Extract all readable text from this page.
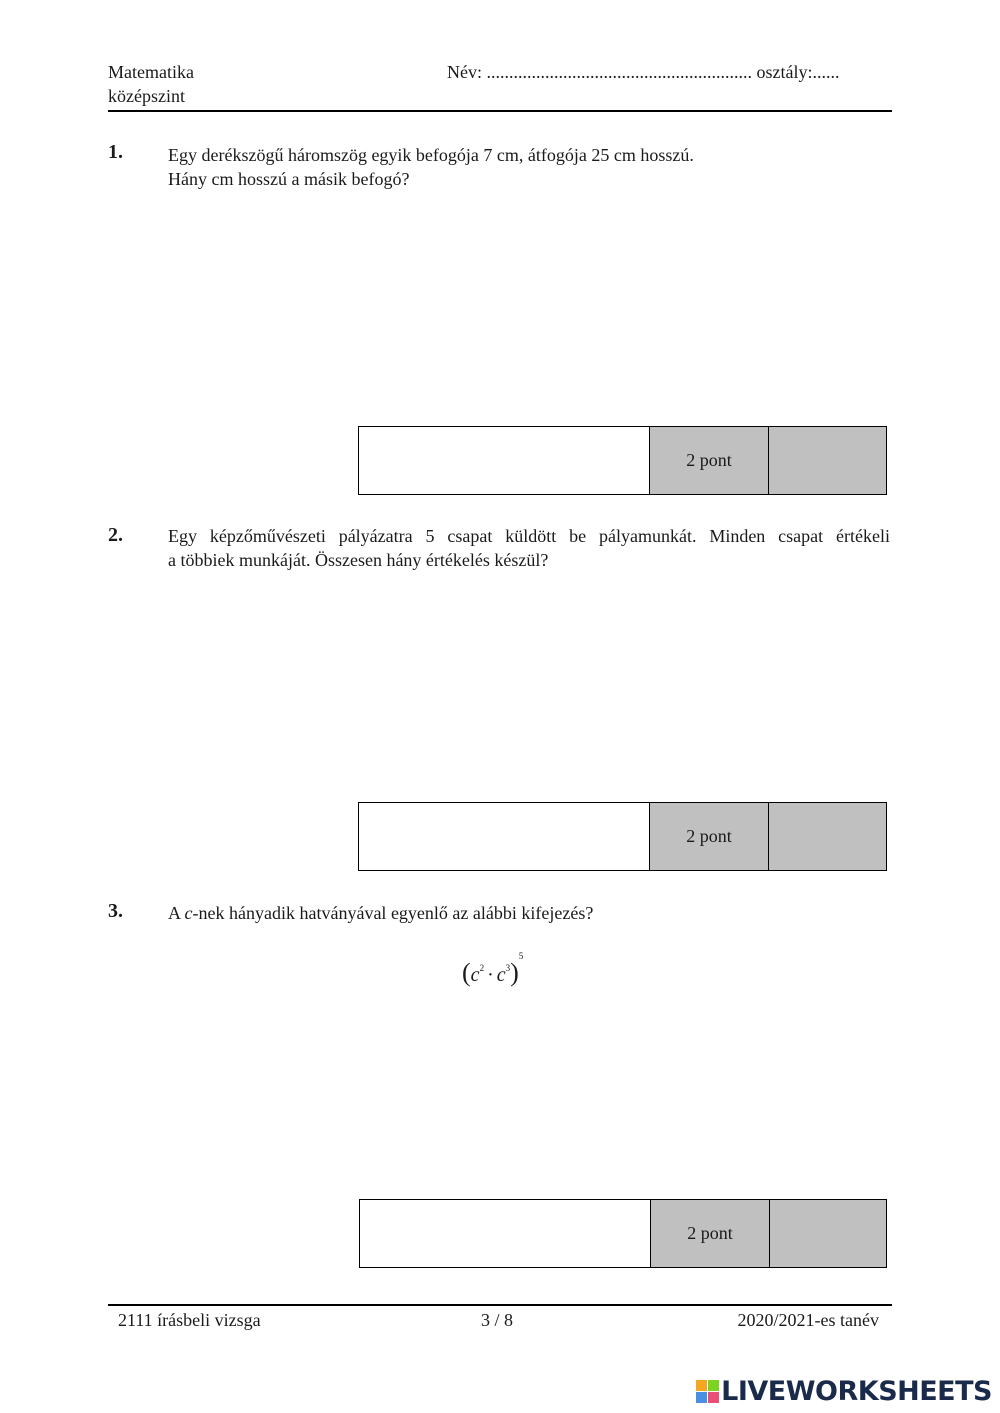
Matematika
középszint
Név: ........................................................... osztály:......
1.	Egy derékszögű háromszög egyik befogója 7 cm, átfogója 25 cm hosszú.
Hány cm hosszú a másik befogó?
2 pont
2.	Egy képzőművészeti pályázatra 5 csapat küldött be pályamunkát. Minden csapat értékeli
a többiek munkáját. Összesen hány értékelés készül?
2 pont
3.	A c-nek hányadik hatványával egyenlő az alábbi kifejezés?
$(c^2 \cdot c^3)^5$
2 pont
2111 írásbeli vizsga	3 / 8	2020/2021-es tanév
LIVEWORKSHEETS
